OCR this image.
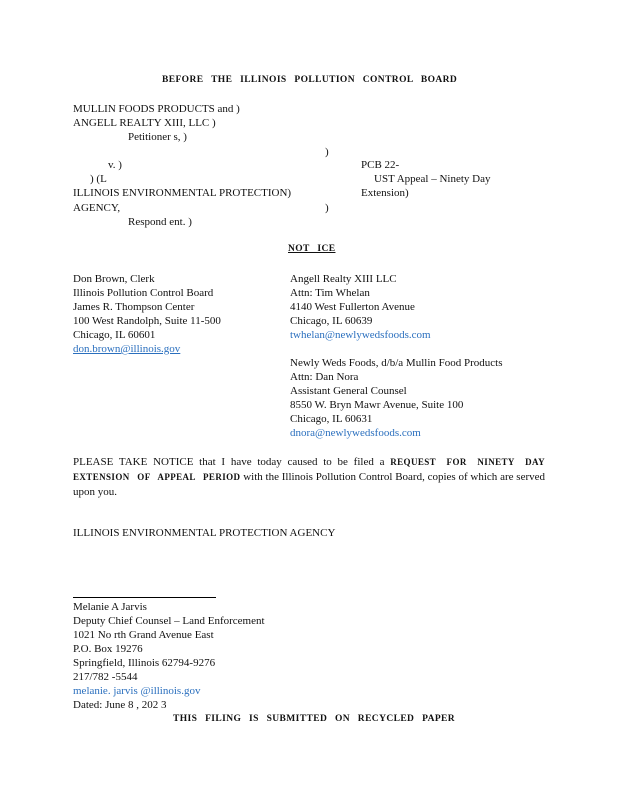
BEFORE THE ILLINOIS POLLUTION CONTROL BOARD
MULLIN FOODS PRODUCTS and )
ANGELL REALTY XIII, LLC )
Petitioner s, )
)
v. )
) (L
ILLINOIS ENVIRONMENTAL PROTECTION)
AGENCY,	)
Respond ent. )
PCB 22-
UST Appeal – Ninety Day
Extension)
NOT ICE
Don Brown, Clerk
Illinois Pollution Control Board
James R. Thompson Center
100 West Randolph, Suite 11-500
Chicago, IL 60601
don.brown@illinois.gov
Angell Realty XIII LLC
Attn: Tim Whelan
4140 West Fullerton Avenue
Chicago, IL 60639
twhelan@newlywedsfoods.com
Newly Weds Foods, d/b/a Mullin Food Products
Attn: Dan Nora
Assistant General Counsel
8550 W. Bryn Mawr Avenue, Suite 100
Chicago, IL 60631
dnora@newlywedsfoods.com
PLEASE TAKE NOTICE that I have today caused to be filed a REQUEST FOR NINETY DAY EXTENSION OF APPEAL PERIOD with the Illinois Pollution Control Board, copies of which are served upon you.
ILLINOIS ENVIRONMENTAL PROTECTION AGENCY
Melanie A Jarvis
Deputy Chief Counsel – Land Enforcement
1021 No rth Grand Avenue East
P.O. Box 19276
Springfield, Illinois 62794-9276
217/782 -5544
melanie. jarvis @illinois.gov
Dated: June 8 , 202 3
THIS FILING IS SUBMITTED ON RECYCLED PAPER
